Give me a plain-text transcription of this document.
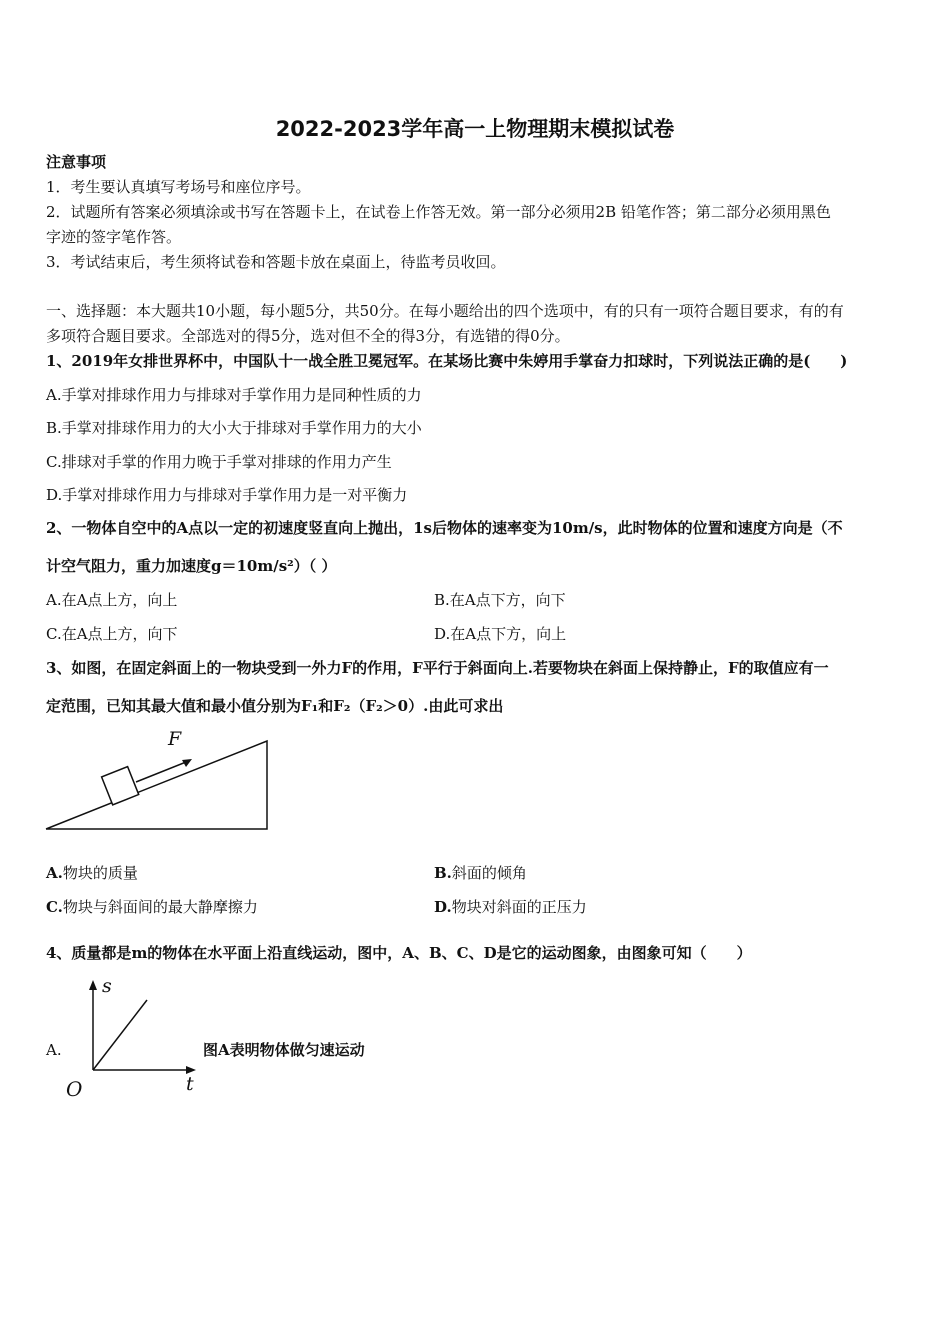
2022-2023学年高一上物理期末模拟试卷
注意事项
1．考生要认真填写考场号和座位序号。
2．试题所有答案必须填涂或书写在答题卡上，在试卷上作答无效。第一部分必须用2B 铅笔作答；第二部分必须用黑色
字迹的签字笔作答。
3．考试结束后，考生须将试卷和答题卡放在桌面上，待监考员收回。
一、选择题：本大题共10小题，每小题5分，共50分。在每小题给出的四个选项中，有的只有一项符合题目要求，有的有
多项符合题目要求。全部选对的得5分，选对但不全的得3分，有选错的得0分。
1、2019年女排世界杯中，中国队十一战全胜卫冕冠军。在某场比赛中朱婷用手掌奋力扣球时，下列说法正确的是(　　)
A.手掌对排球作用力与排球对手掌作用力是同种性质的力
B.手掌对排球作用力的大小大于排球对手掌作用力的大小
C.排球对手掌的作用力晚于手掌对排球的作用力产生
D.手掌对排球作用力与排球对手掌作用力是一对平衡力
2、一物体自空中的A点以一定的初速度竖直向上抛出，1s后物体的速率变为10m/s，此时物体的位置和速度方向是（不
计空气阻力，重力加速度g＝10m/s²）（ ）
A.在A点上方，向上	B.在A点下方，向下
C.在A点上方，向下	D.在A点下方，向上
3、如图，在固定斜面上的一物块受到一外力F的作用，F平行于斜面向上.若要物块在斜面上保持静止，F的取值应有一
定范围，已知其最大值和最小值分别为F₁和F₂（F₂＞0）.由此可求出
F
A.物块的质量	B.斜面的倾角
C.物块与斜面间的最大静摩擦力	D.物块对斜面的正压力
4、质量都是m的物体在水平面上沿直线运动，图中，A、B、C、D是它的运动图象，由图象可知（　　）
A.
s
t
O
图A表明物体做匀速运动
